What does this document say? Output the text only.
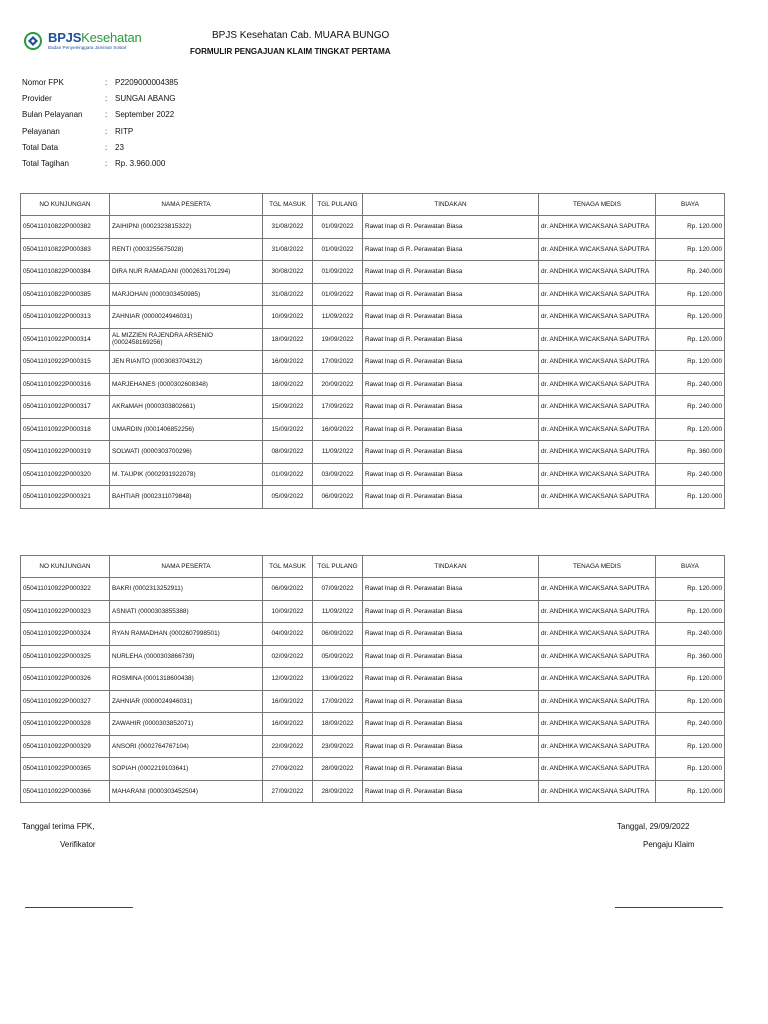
BPJSKesehatan
Badan Penyelenggara Jaminan Sosial
BPJS Kesehatan Cab. MUARA BUNGO
FORMULIR PENGAJUAN KLAIM TINGKAT PERTAMA
Nomor FPK	: P2209000004385
Provider	: SUNGAI ABANG
Bulan Pelayanan	: September 2022
Pelayanan	: RITP
Total Data	: 23
Total Tagihan	: Rp. 3.960.000
NO KUNJUNGAN	NAMA PESERTA	TGL MASUK	TGL PULANG	TINDAKAN	TENAGA MEDIS	BIAYA
050411010822P000382	ZAIHIPNI (0002323815322)	31/08/2022	01/09/2022	Rawat Inap di R. Perawatan Biasa	dr. ANDHIKA WICAKSANA SAPUTRA	Rp. 120.000
050411010822P000383	RENTI (0003255675028)	31/08/2022	01/09/2022	Rawat Inap di R. Perawatan Biasa	dr. ANDHIKA WICAKSANA SAPUTRA	Rp. 120.000
050411010822P000384	DIRA NUR RAMADANI (0002631701294)	30/08/2022	01/09/2022	Rawat Inap di R. Perawatan Biasa	dr. ANDHIKA WICAKSANA SAPUTRA	Rp. 240.000
050411010822P000385	MARJOHAN (0000303450985)	31/08/2022	01/09/2022	Rawat Inap di R. Perawatan Biasa	dr. ANDHIKA WICAKSANA SAPUTRA	Rp. 120.000
050411010922P000313	ZAHNIAR (0000024946031)	10/09/2022	11/09/2022	Rawat Inap di R. Perawatan Biasa	dr. ANDHIKA WICAKSANA SAPUTRA	Rp. 120.000
050411010922P000314	AL MIZZIEN RAJENDRA ARSENIO (0002458169256)	18/09/2022	19/09/2022	Rawat Inap di R. Perawatan Biasa	dr. ANDHIKA WICAKSANA SAPUTRA	Rp. 120.000
050411010922P000315	JEN RIANTO (0003083704312)	16/09/2022	17/09/2022	Rawat Inap di R. Perawatan Biasa	dr. ANDHIKA WICAKSANA SAPUTRA	Rp. 120.000
050411010922P000316	MARJEHANES (0000302608348)	18/09/2022	20/09/2022	Rawat Inap di R. Perawatan Biasa	dr. ANDHIKA WICAKSANA SAPUTRA	Rp. 240.000
050411010922P000317	AKRaMAH (0000303802661)	15/09/2022	17/09/2022	Rawat Inap di R. Perawatan Biasa	dr. ANDHIKA WICAKSANA SAPUTRA	Rp. 240.000
050411010922P000318	UMARDIN (0001406852256)	15/09/2022	16/09/2022	Rawat Inap di R. Perawatan Biasa	dr. ANDHIKA WICAKSANA SAPUTRA	Rp. 120.000
050411010922P000319	SOLWATI (0000303700296)	08/09/2022	11/09/2022	Rawat Inap di R. Perawatan Biasa	dr. ANDHIKA WICAKSANA SAPUTRA	Rp. 360.000
050411010922P000320	M. TAUPIK (0002931922078)	01/09/2022	03/09/2022	Rawat Inap di R. Perawatan Biasa	dr. ANDHIKA WICAKSANA SAPUTRA	Rp. 240.000
050411010922P000321	BAHTIAR (0002311079848)	05/09/2022	06/09/2022	Rawat Inap di R. Perawatan Biasa	dr. ANDHIKA WICAKSANA SAPUTRA	Rp. 120.000
NO KUNJUNGAN	NAMA PESERTA	TGL MASUK	TGL PULANG	TINDAKAN	TENAGA MEDIS	BIAYA
050411010922P000322	BAKRI (0002313252911)	06/09/2022	07/09/2022	Rawat Inap di R. Perawatan Biasa	dr. ANDHIKA WICAKSANA SAPUTRA	Rp. 120.000
050411010922P000323	ASNIATI (0000303855388)	10/09/2022	11/09/2022	Rawat Inap di R. Perawatan Biasa	dr. ANDHIKA WICAKSANA SAPUTRA	Rp. 120.000
050411010922P000324	RYAN RAMADHAN (0002607998501)	04/09/2022	06/09/2022	Rawat Inap di R. Perawatan Biasa	dr. ANDHIKA WICAKSANA SAPUTRA	Rp. 240.000
050411010922P000325	NURLEHA (0000303866739)	02/09/2022	05/09/2022	Rawat Inap di R. Perawatan Biasa	dr. ANDHIKA WICAKSANA SAPUTRA	Rp. 360.000
050411010922P000326	ROSMINA (0001318600438)	12/09/2022	13/09/2022	Rawat Inap di R. Perawatan Biasa	dr. ANDHIKA WICAKSANA SAPUTRA	Rp. 120.000
050411010922P000327	ZAHNIAR (0000024946031)	16/09/2022	17/09/2022	Rawat Inap di R. Perawatan Biasa	dr. ANDHIKA WICAKSANA SAPUTRA	Rp. 120.000
050411010922P000328	ZAWAHIR (0000303852071)	16/09/2022	18/09/2022	Rawat Inap di R. Perawatan Biasa	dr. ANDHIKA WICAKSANA SAPUTRA	Rp. 240.000
050411010922P000329	ANSORI (0002764767104)	22/09/2022	23/09/2022	Rawat Inap di R. Perawatan Biasa	dr. ANDHIKA WICAKSANA SAPUTRA	Rp. 120.000
050411010922P000365	SOPIAH (0002219103641)	27/09/2022	28/09/2022	Rawat Inap di R. Perawatan Biasa	dr. ANDHIKA WICAKSANA SAPUTRA	Rp. 120.000
050411010922P000366	MAHARANI (0000303452504)	27/09/2022	28/09/2022	Rawat Inap di R. Perawatan Biasa	dr. ANDHIKA WICAKSANA SAPUTRA	Rp. 120.000
Tanggal terima FPK,
Verifikator
Tanggal, 29/09/2022
Pengaju Klaim
